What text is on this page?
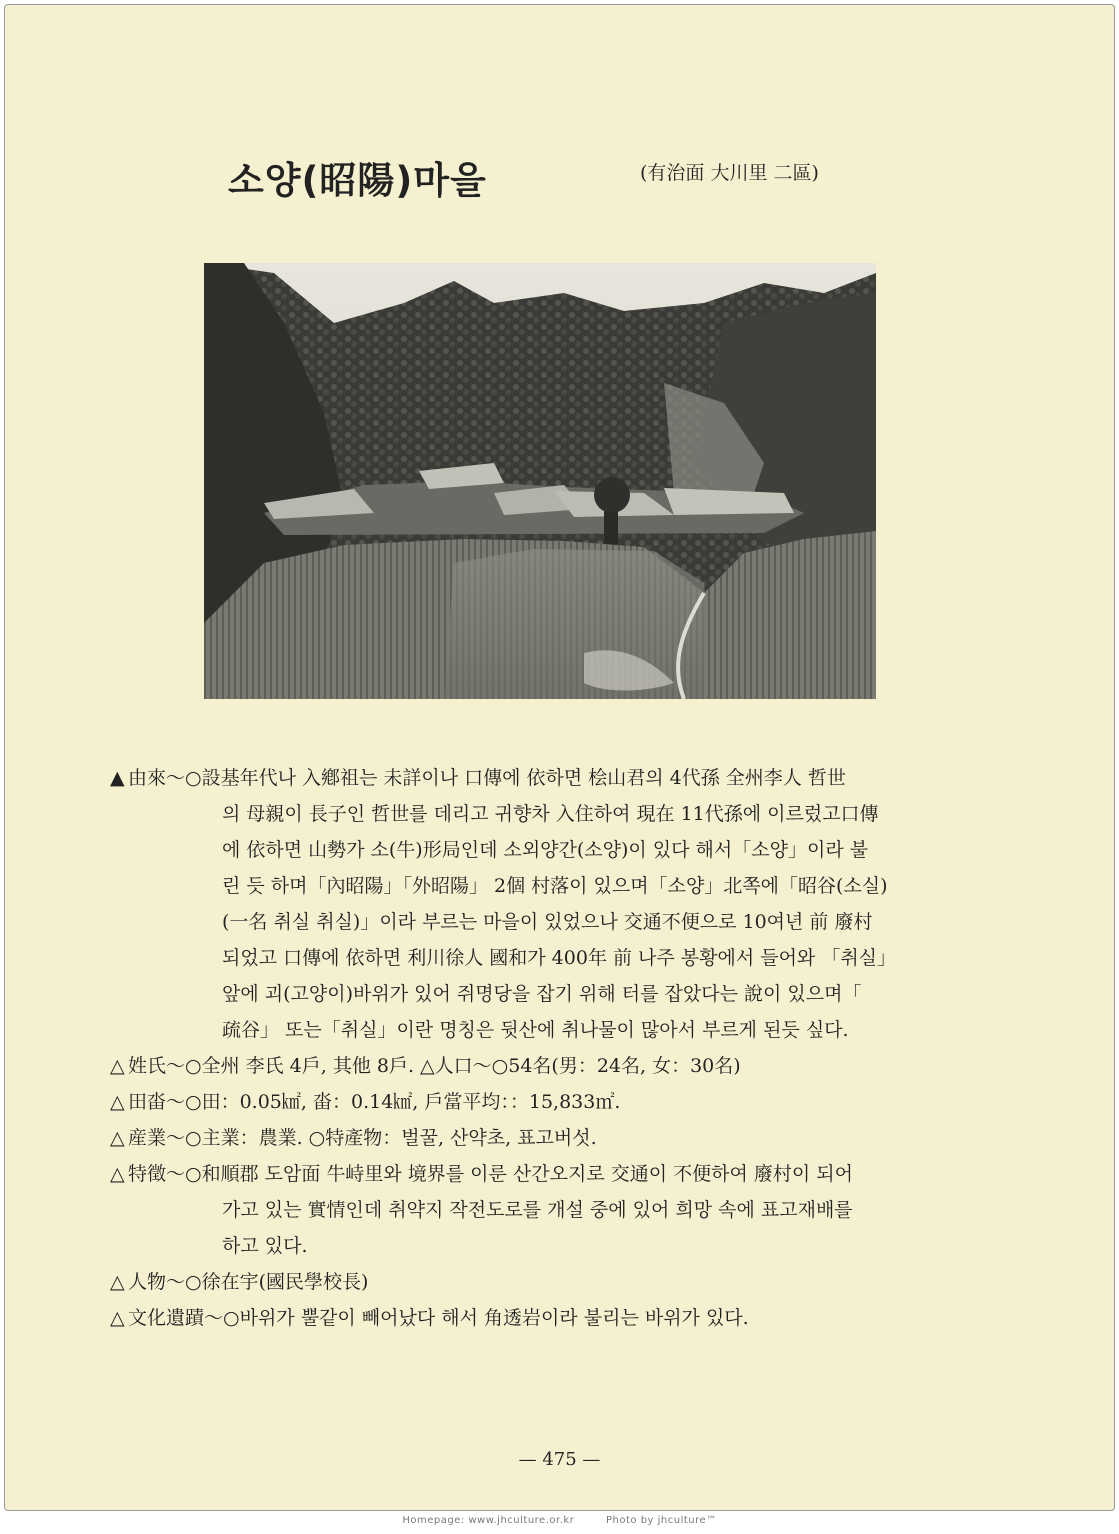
소양(昭陽)마을	(有治面 大川里 二區)
▲ 由來～○設基年代나 入鄕祖는 未詳이나 口傳에 依하면 桧山君의 4代孫 全州李人 哲世
의 母親이 長子인 哲世를 데리고 귀향차 入住하여 現在 11代孫에 이르렀고口傳
에 依하면 山勢가 소(牛)形局인데 소외양간(소양)이 있다 해서「소양」이라 불
린 듯 하며「內昭陽」「外昭陽」 2個 村落이 있으며「소양」北쪽에「昭谷(소실)
(一名 취실 취실)」이라 부르는 마을이 있었으나 交通不便으로 10여년 前 廢村
되었고 口傳에 依하면 利川徐人 國和가 400年 前 나주 봉황에서 들어와 「취실」
앞에 괴(고양이)바위가 있어 쥐명당을 잡기 위해 터를 잡았다는 說이 있으며「
疏谷」 또는「취실」이란 명칭은 뒷산에 취나물이 많아서 부르게 된듯 싶다.
△ 姓氏～○全州 李氏 4戶, 其他 8戶. △人口～○54名(男：24名, 女：30名)
△ 田畓～○田：0.05㎢, 畓：0.14㎢, 戶當平均：：15,833㎡.
△ 産業～○主業：農業. ○特產物：벌꿀, 산약초, 표고버섯.
△ 特徵～○和順郡 도암面 牛峙里와 境界를 이룬 산간오지로 交通이 不便하여 廢村이 되어
가고 있는 實情인데 취약지 작전도로를 개설 중에 있어 희망 속에 표고재배를
하고 있다.
△ 人物～○徐在宇(國民學校長)
△ 文化遺蹟～○바위가 뿔같이 빼어났다 해서 角透岩이라 불리는 바위가 있다.
— 475 —
Homepage: www.jhculture.or.kr	Photo by jhculture™
